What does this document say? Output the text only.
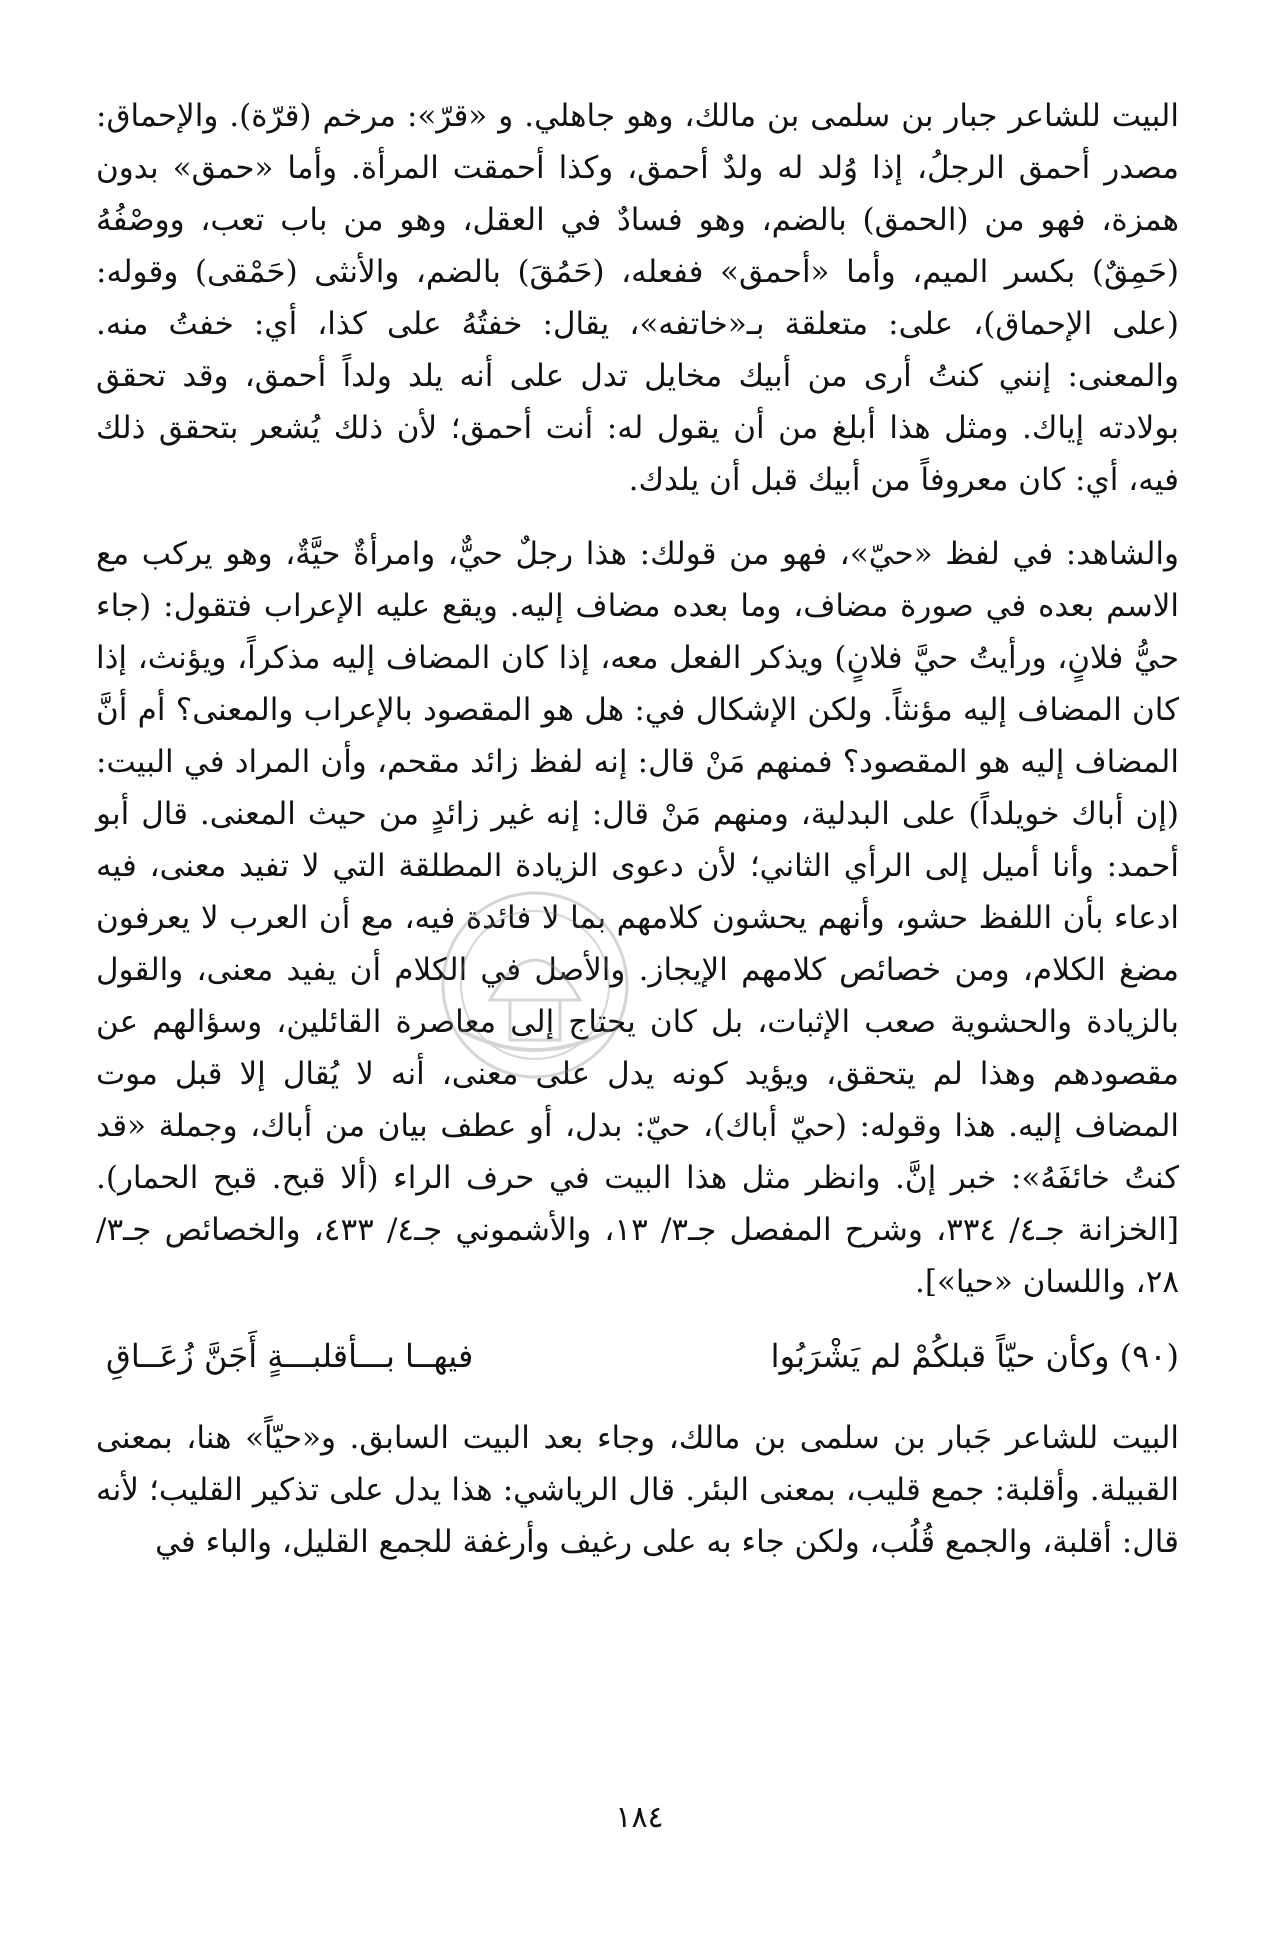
البيت للشاعر جبار بن سلمى بن مالك، وهو جاهلي. و «قرّ»: مرخم (قرّة). والإحماق: مصدر أحمق الرجلُ، إذا وُلد له ولدٌ أحمق، وكذا أحمقت المرأة. وأما «حمق» بدون همزة، فهو من (الحمق) بالضم، وهو فسادٌ في العقل، وهو من باب تعب، ووصْفُهُ (حَمِقٌ) بكسر الميم، وأما «أحمق» ففعله، (حَمُقَ) بالضم، والأنثى (حَمْقى) وقوله: (على الإحماق)، على: متعلقة بـ«خاتفه»، يقال: خفتُهُ على كذا، أي: خفتُ منه. والمعنى: إنني كنتُ أرى من أبيك مخايل تدل على أنه يلد ولداً أحمق، وقد تحقق بولادته إياك. ومثل هذا أبلغ من أن يقول له: أنت أحمق؛ لأن ذلك يُشعر بتحقق ذلك فيه، أي: كان معروفاً من أبيك قبل أن يلدك.

والشاهد: في لفظ «حيّ»، فهو من قولك: هذا رجلٌ حيٌّ، وامرأةٌ حيَّةٌ، وهو يركب مع الاسم بعده في صورة مضاف، وما بعده مضاف إليه. ويقع عليه الإعراب فتقول: (جاء حيُّ فلانٍ، ورأيتُ حيَّ فلانٍ) ويذكر الفعل معه، إذا كان المضاف إليه مذكراً، ويؤنث، إذا كان المضاف إليه مؤنثاً. ولكن الإشكال في: هل هو المقصود بالإعراب والمعنى؟ أم أنَّ المضاف إليه هو المقصود؟ فمنهم مَنْ قال: إنه لفظ زائد مقحم، وأن المراد في البيت: (إن أباك خويلداً) على البدلية، ومنهم مَنْ قال: إنه غير زائدٍ من حيث المعنى. قال أبو أحمد: وأنا أميل إلى الرأي الثاني؛ لأن دعوى الزيادة المطلقة التي لا تفيد معنى، فيه ادعاء بأن اللفظ حشو، وأنهم يحشون كلامهم بما لا فائدة فيه، مع أن العرب لا يعرفون مضغ الكلام، ومن خصائص كلامهم الإيجاز. والأصل في الكلام أن يفيد معنى، والقول بالزيادة والحشوية صعب الإثبات، بل كان يحتاج إلى معاصرة القائلين، وسؤالهم عن مقصودهم وهذا لم يتحقق، ويؤيد كونه يدل على معنى، أنه لا يُقال إلا قبل موت المضاف إليه. هذا وقوله: (حيّ أباك)، حيّ: بدل، أو عطف بيان من أباك، وجملة «قد كنتُ خائفَهُ»: خبر إنَّ. وانظر مثل هذا البيت في حرف الراء (ألا قبح. قبح الحمار). [الخزانة جـ٤/ ٣٣٤، وشرح المفصل جـ٣/ ١٣، والأشموني جـ٤/ ٤٣٣، والخصائص جـ٣/ ٢٨، واللسان «حيا»].

(٩٠) وكأن حيّاً قبلكُمْ لم يَشْرَبُوا
فيهــا بـــأقلبـــةٍ أَجَنَّ زُعَــاقِ

البيت للشاعر جَبار بن سلمى بن مالك، وجاء بعد البيت السابق. و«حيّاً» هنا، بمعنى القبيلة. وأقلبة: جمع قليب، بمعنى البئر. قال الرياشي: هذا يدل على تذكير القليب؛ لأنه قال: أقلبة، والجمع قُلُب، ولكن جاء به على رغيف وأرغفة للجمع القليل، والباء في

١٨٤
